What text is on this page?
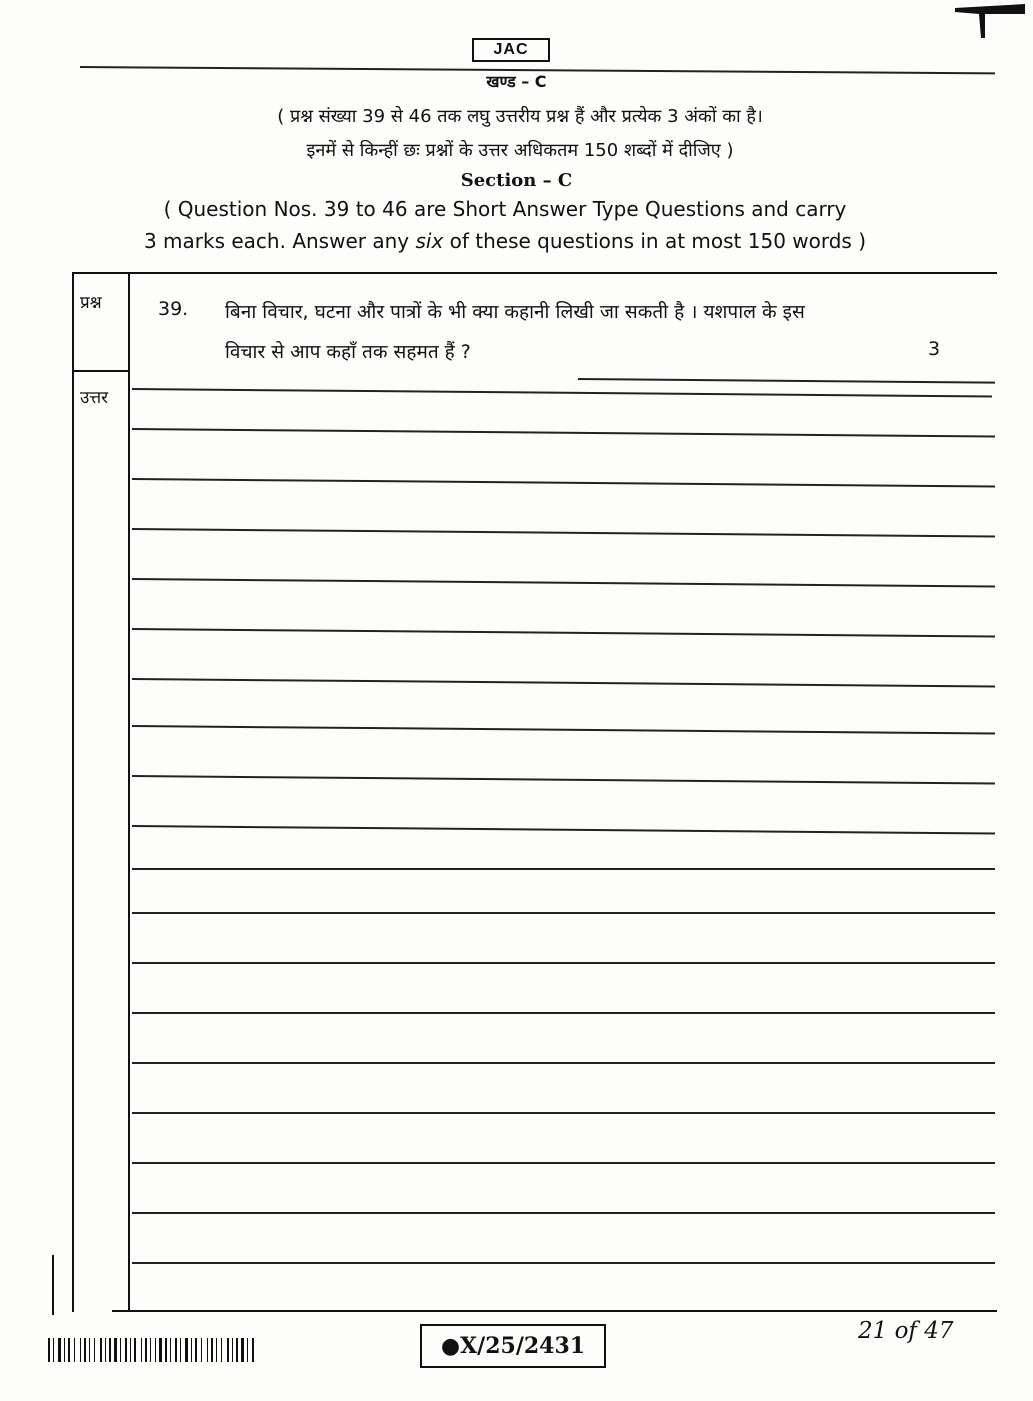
JAC
खण्ड – C
( प्रश्न संख्या 39 से 46 तक लघु उत्तरीय प्रश्न हैं और प्रत्येक 3 अंकों का है।
इनमें से किन्हीं छः प्रश्नों के उत्तर अधिकतम 150 शब्दों में दीजिए )
Section – C
( Question Nos. 39 to 46 are Short Answer Type Questions and carry
3 marks each. Answer any six of these questions in at most 150 words )
प्रश्न
उत्तर
39. बिना विचार, घटना और पात्रों के भी क्या कहानी लिखी जा सकती है । यशपाल के इस
विचार से आप कहाँ तक सहमत हैं ?	3
●X/25/2431
21 of 47
